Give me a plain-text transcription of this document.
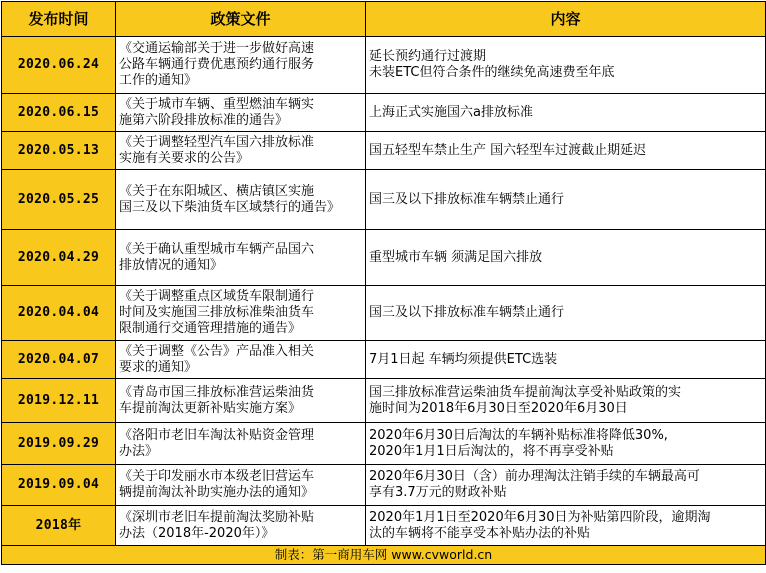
发布时间	政策文件	内容
2020.06.24	《交通运输部关于进一步做好高速
公路车辆通行费优惠预约通行服务
工作的通知》	延长预约通行过渡期
未装ETC但符合条件的继续免高速费至年底
2020.06.15	《关于城市车辆、重型燃油车辆实
施第六阶段排放标准的通告》	上海正式实施国六a排放标准
2020.05.13	《关于调整轻型汽车国六排放标准
实施有关要求的公告》	国五轻型车禁止生产 国六轻型车过渡截止期延迟
2020.05.25	《关于在东阳城区、横店镇区实施
国三及以下柴油货车区域禁行的通告》	国三及以下排放标准车辆禁止通行
2020.04.29	《关于确认重型城市车辆产品国六
排放情况的通知》	重型城市车辆 须满足国六排放
2020.04.04	《关于调整重点区域货车限制通行
时间及实施国三排放标准柴油货车
限制通行交通管理措施的通告》	国三及以下排放标准车辆禁止通行
2020.04.07	《关于调整《公告》产品准入相关
要求的通知》	7月1日起 车辆均须提供ETC选装
2019.12.11	《青岛市国三排放标准营运柴油货
车提前淘汰更新补贴实施方案》	国三排放标准营运柴油货车提前淘汰享受补贴政策的实
施时间为2018年6月30日至2020年6月30日
2019.09.29	《洛阳市老旧车淘汰补贴资金管理
办法》	2020年6月30日后淘汰的车辆补贴标准将降低30%,
2020年1月1日后淘汰的，将不再享受补贴
2019.09.04	《关于印发丽水市本级老旧营运车
辆提前淘汰补助实施办法的通知》	2020年6月30日（含）前办理淘汰注销手续的车辆最高可
享有3.7万元的财政补贴
2018年	《深圳市老旧车提前淘汰奖励补贴
办法（2018年-2020年）》	2020年1月1日至2020年6月30日为补贴第四阶段，逾期淘
汰的车辆将不能享受本补贴办法的补贴
制表：第一商用车网 www.cvworld.cn		
